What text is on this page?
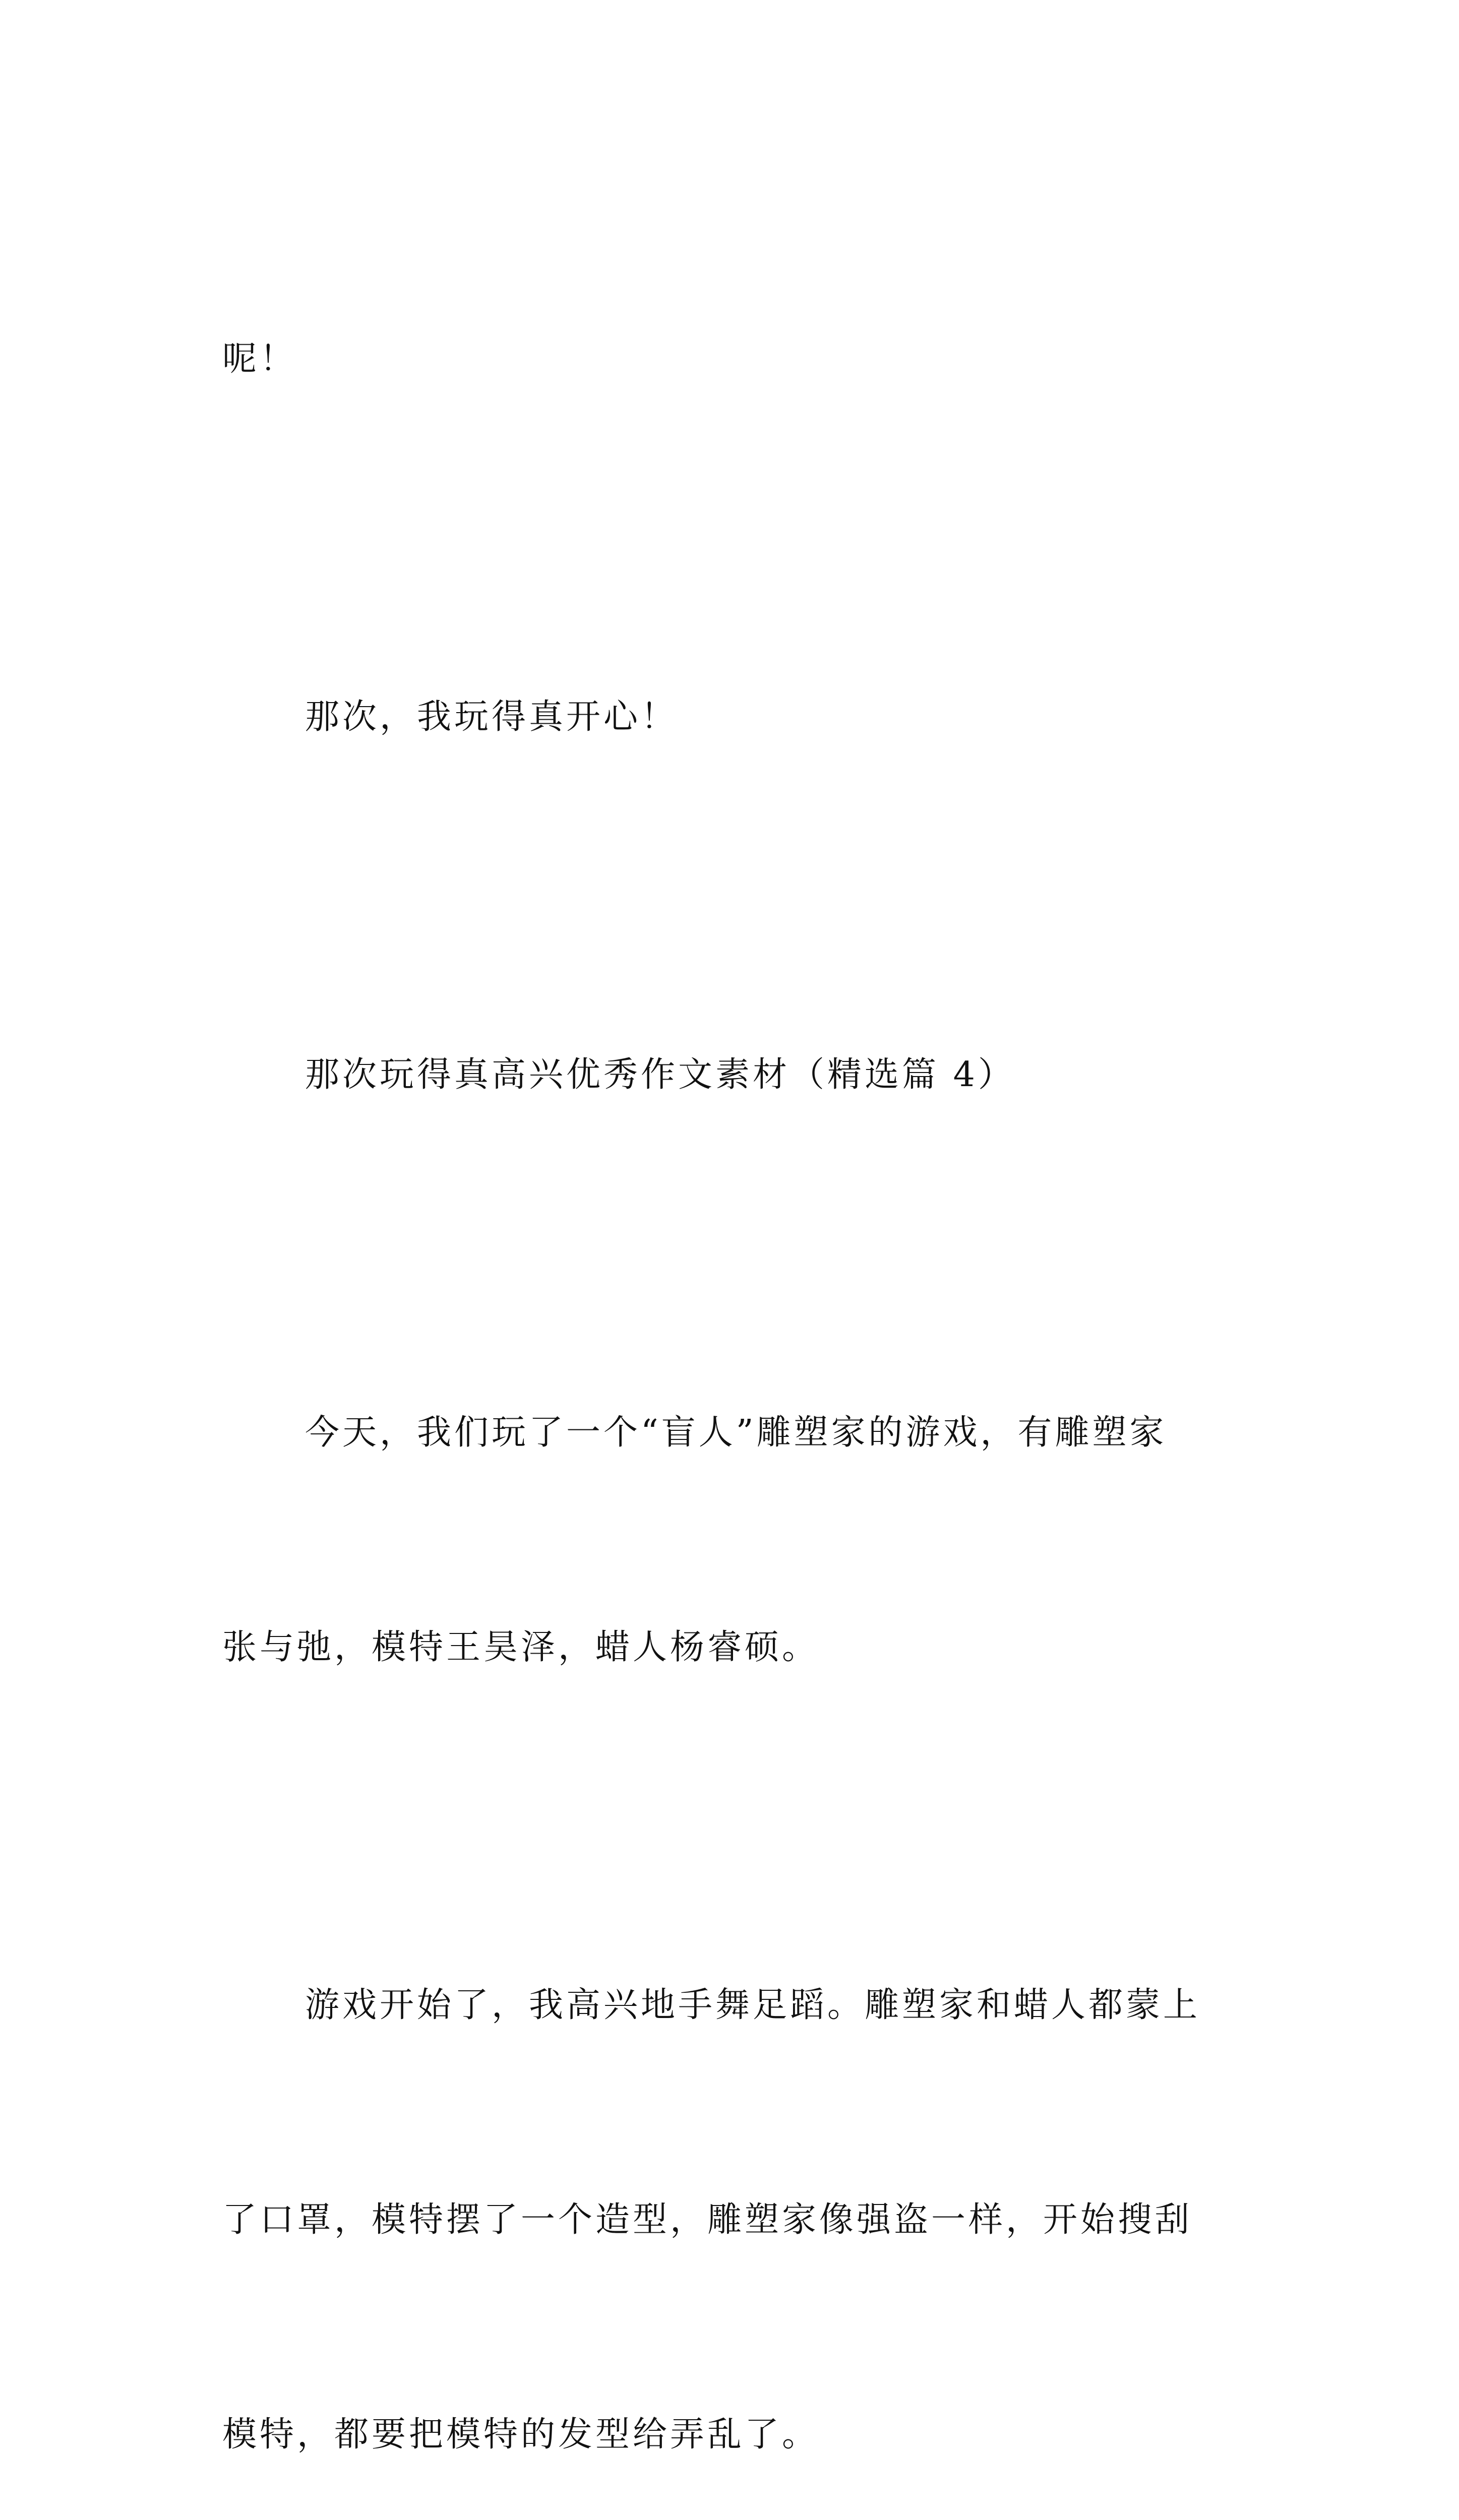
呢！

那次，我玩得真开心！

那次玩得真高兴优秀作文素材（精选篇 4）

今天，我们玩了一个“盲人”雕塑家的游戏，有雕塑家

张与弛，模特王昊泽，蜡人杨睿硕。

游戏开始了，我高兴地手舞足蹈。雕塑家和蜡人都蒙上

了口罩，模特摆了一个造型，雕塑家像强盗一样，开始搜刮

模特，都要把模特的发型给弄乱了。
